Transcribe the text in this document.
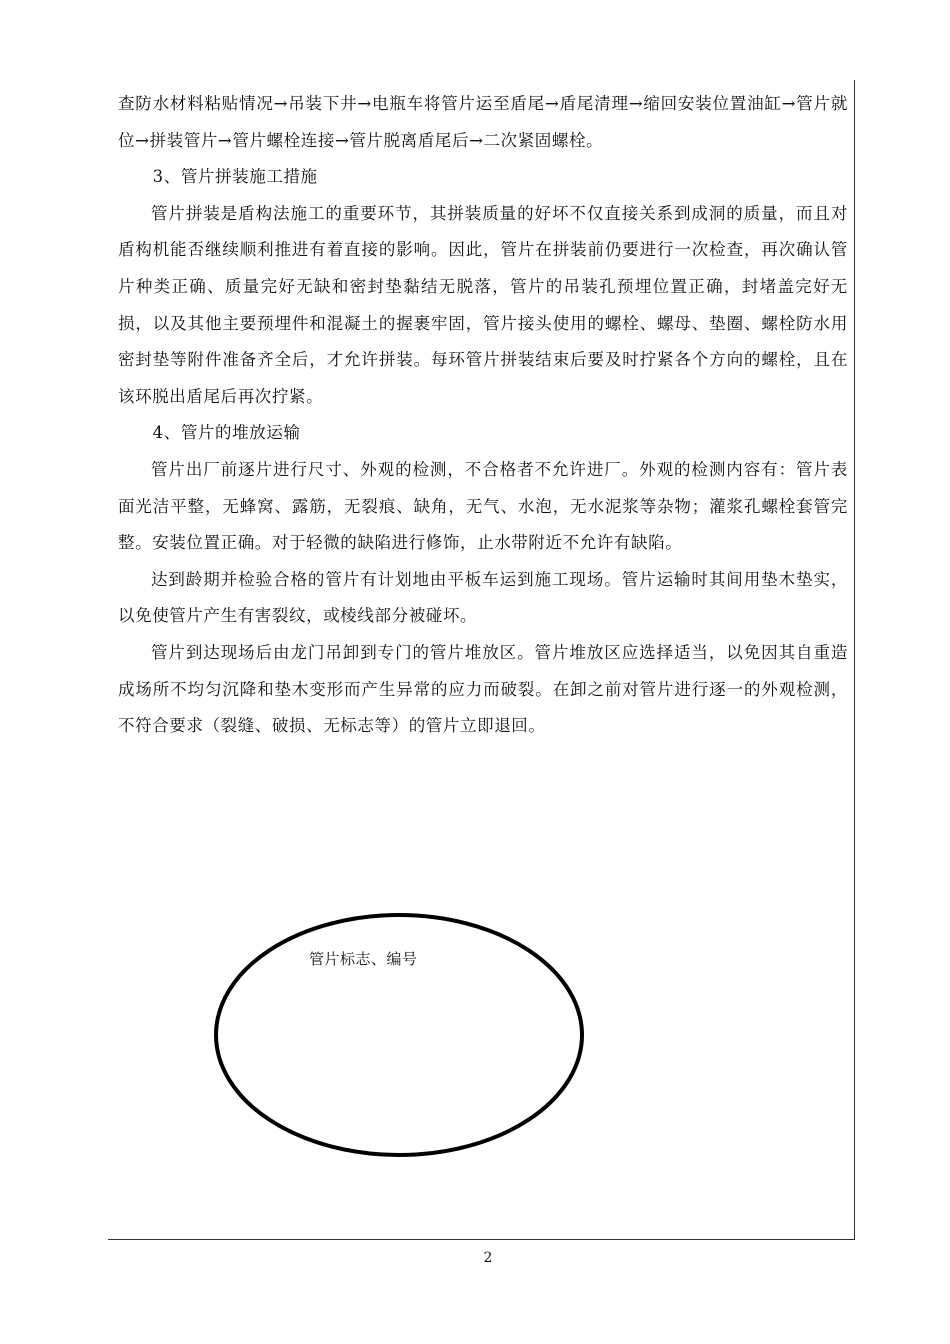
查防水材料粘贴情况→吊装下井→电瓶车将管片运至盾尾→盾尾清理→缩回安装位置油缸→管片就位→拼装管片→管片螺栓连接→管片脱离盾尾后→二次紧固螺栓。

3、管片拼装施工措施

管片拼装是盾构法施工的重要环节，其拼装质量的好坏不仅直接关系到成洞的质量，而且对盾构机能否继续顺利推进有着直接的影响。因此，管片在拼装前仍要进行一次检查，再次确认管片种类正确、质量完好无缺和密封垫黏结无脱落，管片的吊装孔预埋位置正确，封堵盖完好无损，以及其他主要预埋件和混凝土的握裹牢固，管片接头使用的螺栓、螺母、垫圈、螺栓防水用密封垫等附件准备齐全后，才允许拼装。每环管片拼装结束后要及时拧紧各个方向的螺栓，且在该环脱出盾尾后再次拧紧。

4、管片的堆放运输

管片出厂前逐片进行尺寸、外观的检测，不合格者不允许进厂。外观的检测内容有：管片表面光洁平整，无蜂窝、露筋，无裂痕、缺角，无气、水泡，无水泥浆等杂物；灌浆孔螺栓套管完整。安装位置正确。对于轻微的缺陷进行修饰，止水带附近不允许有缺陷。

达到龄期并检验合格的管片有计划地由平板车运到施工现场。管片运输时其间用垫木垫实，以免使管片产生有害裂纹，或棱线部分被碰坏。

管片到达现场后由龙门吊卸到专门的管片堆放区。管片堆放区应选择适当，以免因其自重造成场所不均匀沉降和垫木变形而产生异常的应力而破裂。在卸之前对管片进行逐一的外观检测，不符合要求（裂缝、破损、无标志等）的管片立即退回。

管片标志、编号
2
